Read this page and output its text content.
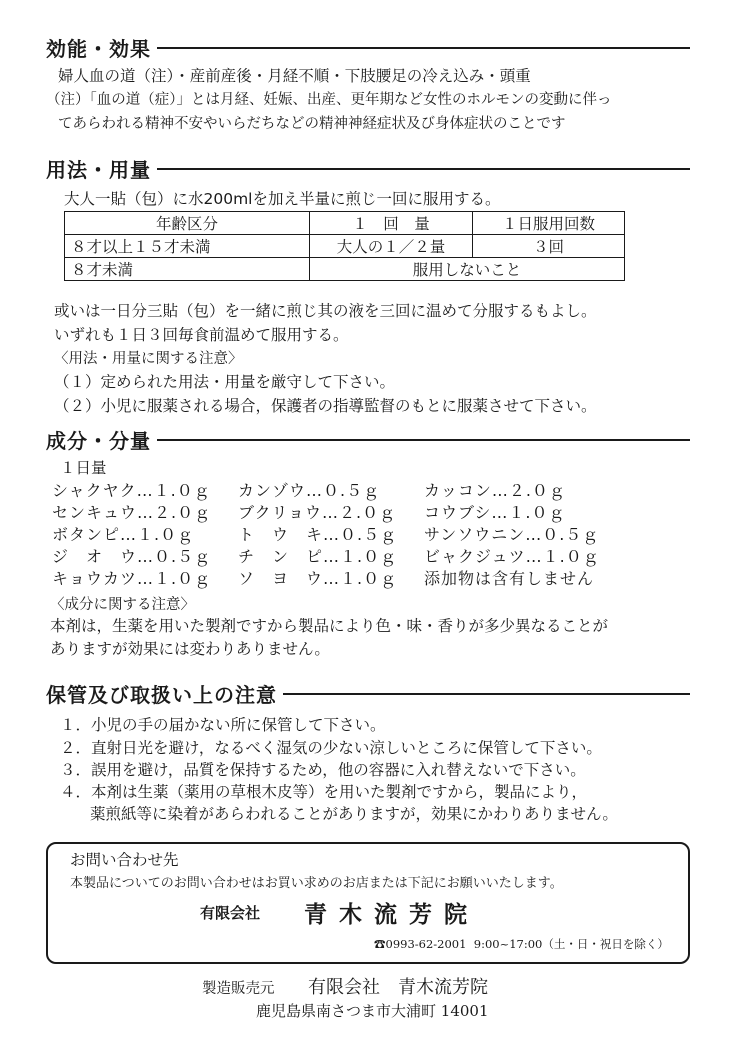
効能・効果
婦人血の道（注）・産前産後・月経不順・下肢腰足の冷え込み・頭重
（注）「血の道（症）」とは月経、妊娠、出産、更年期など女性のホルモンの変動に伴っ
てあらわれる精神不安やいらだちなどの精神神経症状及び身体症状のことです
用法・用量
大人一貼（包）に水200mlを加え半量に煎じ一回に服用する。
年齢区分	１　回　量	１日服用回数
８才以上１５才未満	大人の１／２量	３回
８才未満	服用しないこと	
或いは一日分三貼（包）を一緒に煎じ其の液を三回に温めて分服するもよし。
いずれも１日３回毎食前温めて服用する。
〈用法・用量に関する注意〉
（１）定められた用法・用量を厳守して下さい。
（２）小児に服薬される場合，保護者の指導監督のもとに服薬させて下さい。
成分・分量
１日量
シャクヤク…１.０ｇ カンゾウ…０.５ｇ	カッコン…２.０ｇ
センキュウ…２.０ｇ ブクリョウ…２.０ｇ コウブシ…１.０ｇ
ボタンピ…１.０ｇ	ト　ウ　キ…０.５ｇ サンソウニン…０.５ｇ
ジ　オ　ウ…０.５ｇ チ　ン　ピ…１.０ｇ ビャクジュツ…１.０ｇ
キョウカツ…１.０ｇ ソ　ヨ　ウ…１.０ｇ 添加物は含有しません
〈成分に関する注意〉
本剤は，生薬を用いた製剤ですから製品により色・味・香りが多少異なることが
ありますが効果には変わりありません。
保管及び取扱い上の注意
１．小児の手の届かない所に保管して下さい。
２．直射日光を避け，なるべく湿気の少ない涼しいところに保管して下さい。
３．誤用を避け，品質を保持するため，他の容器に入れ替えないで下さい。
４．本剤は生薬（薬用の草根木皮等）を用いた製剤ですから，製品により，
薬煎紙等に染着があらわれることがありますが，効果にかわりありません。
お問い合わせ先
本製品についてのお問い合わせはお買い求めのお店または下記にお願いいたします。
有限会社 青 木 流 芳 院
☎0993-62-2001 9:00~17:00（土・日・祝日を除く）
製造販売元 有限会社　青木流芳院
鹿児島県南さつま市大浦町 14001
